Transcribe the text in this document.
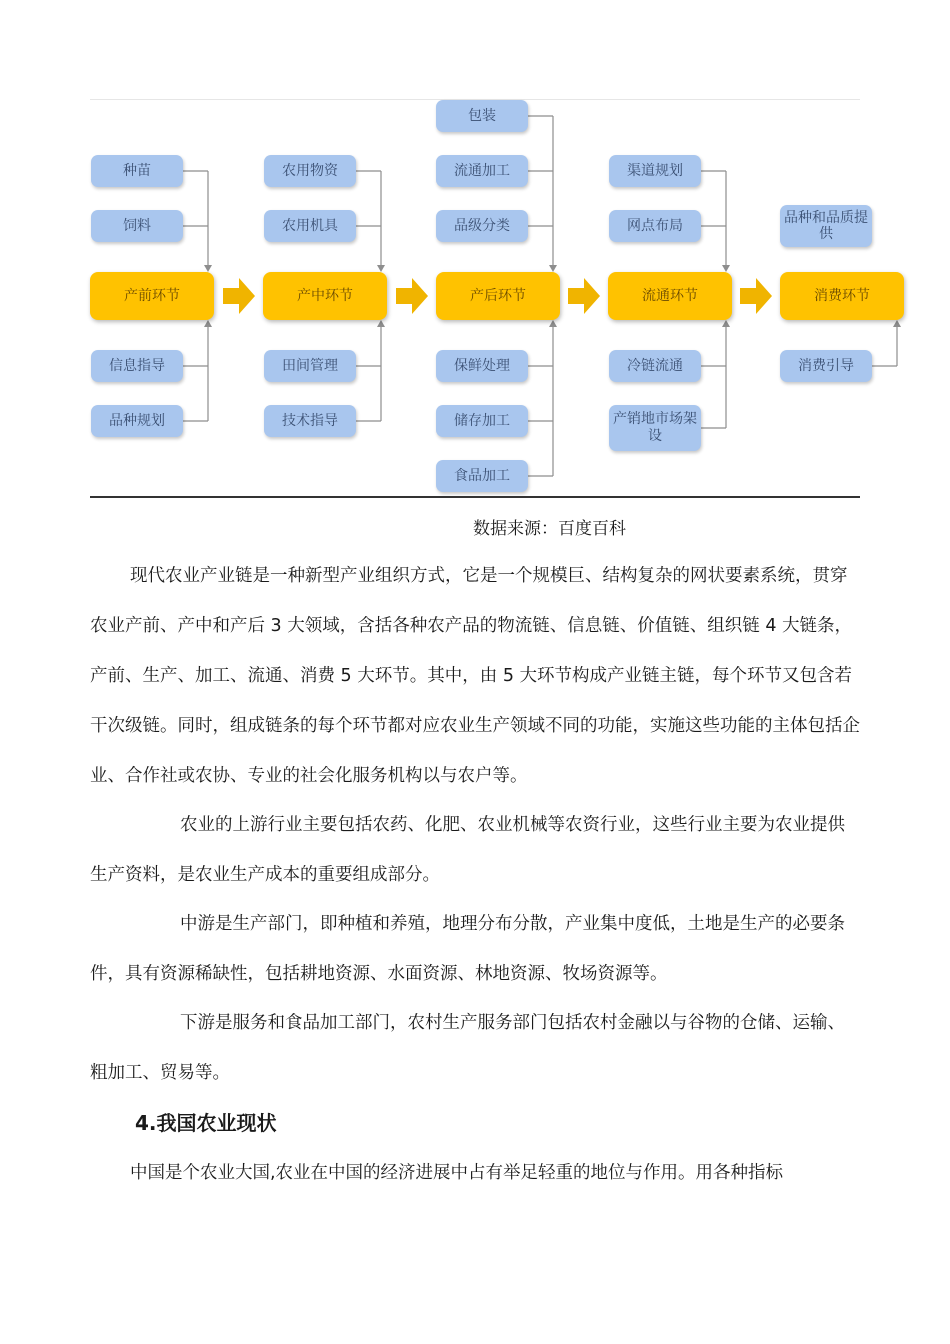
产前环节
种苗
饲料
信息指导
品种规划
产中环节
农用物资
农用机具
田间管理
技术指导
产后环节
包装
流通加工
品级分类
保鲜处理
储存加工
食品加工
流通环节
渠道规划
网点布局
冷链流通
产销地市场架设
消费环节
品种和品质提供
消费引导
数据来源：百度百科

现代农业产业链是一种新型产业组织方式，它是一个规模巨、结构复杂的网状要素系统，贯穿农业产前、产中和产后 3 大领域，含括各种农产品的物流链、信息链、价值链、组织链 4 大链条，产前、生产、加工、流通、消费 5 大环节。其中，由 5 大环节构成产业链主链，每个环节又包含若干次级链。同时，组成链条的每个环节都对应农业生产领域不同的功能，实施这些功能的主体包括企业、合作社或农协、专业的社会化服务机构以与农户等。

农业的上游行业主要包括农药、化肥、农业机械等农资行业，这些行业主要为农业提供生产资料，是农业生产成本的重要组成部分。

中游是生产部门，即种植和养殖，地理分布分散，产业集中度低，土地是生产的必要条件，具有资源稀缺性，包括耕地资源、水面资源、林地资源、牧场资源等。

下游是服务和食品加工部门，农村生产服务部门包括农村金融以与谷物的仓储、运输、粗加工、贸易等。

4.我国农业现状

中国是个农业大国,农业在中国的经济进展中占有举足轻重的地位与作用。用各种指标
